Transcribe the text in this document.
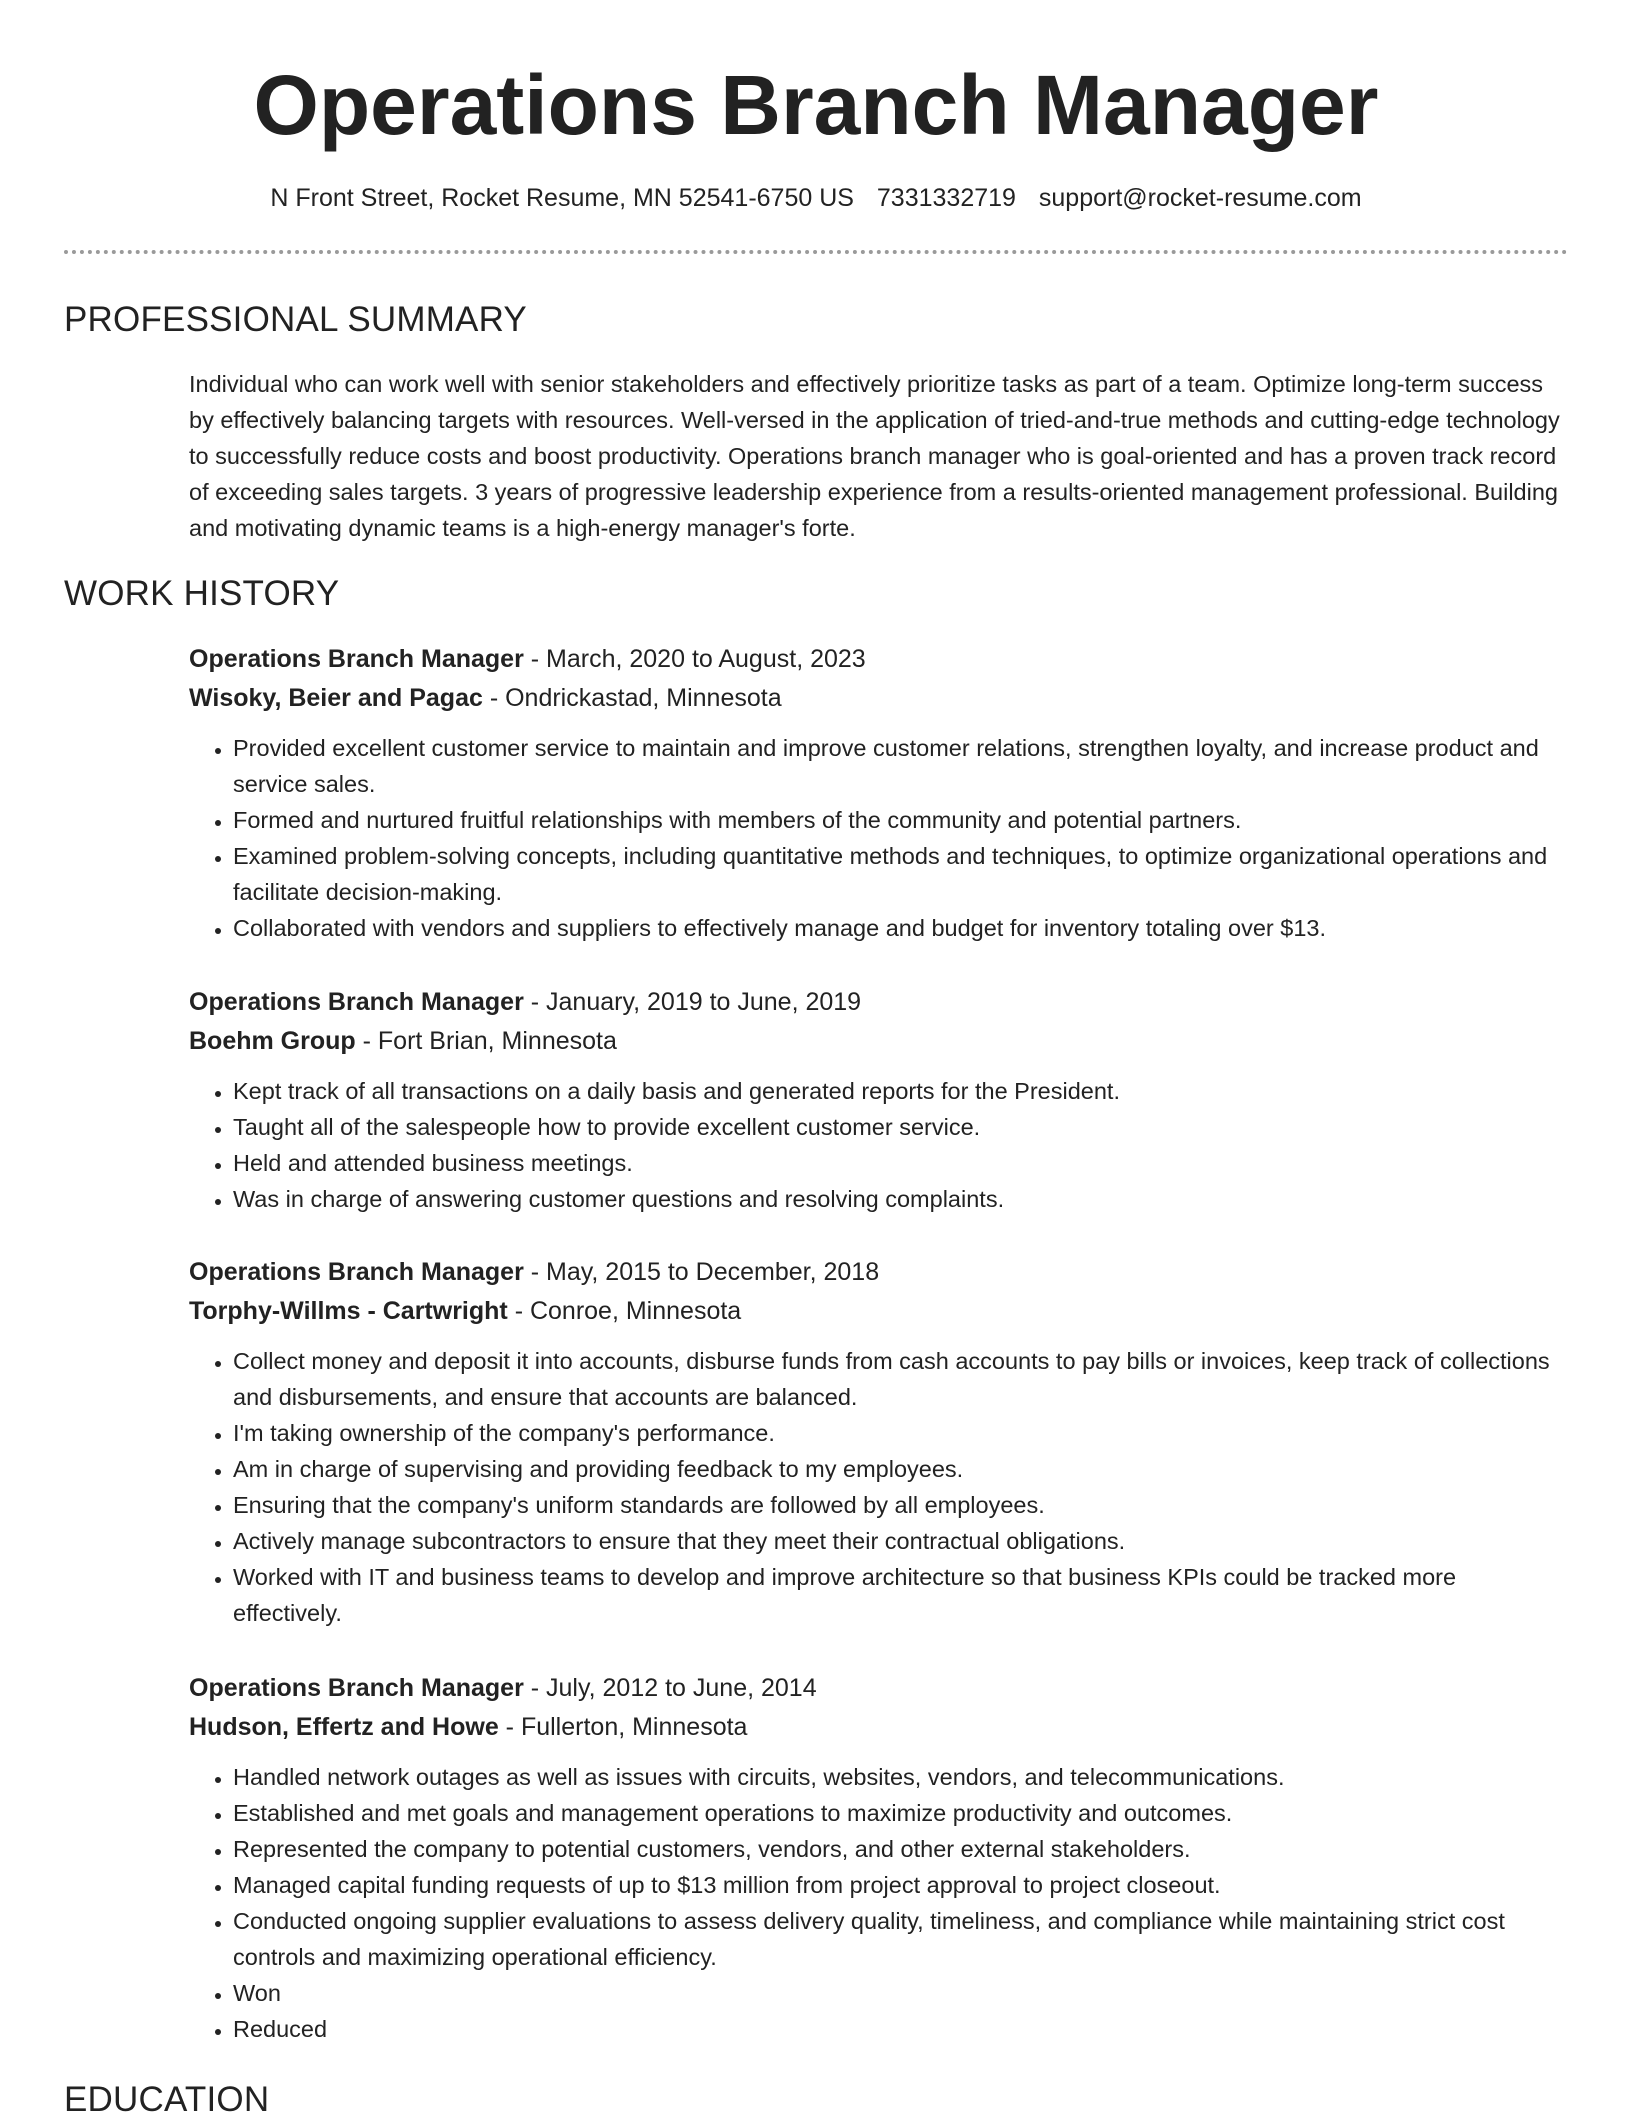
Operations Branch Manager
N Front Street, Rocket Resume, MN 52541-6750 US 7331332719 support@rocket-resume.com
PROFESSIONAL SUMMARY

Individual who can work well with senior stakeholders and effectively prioritize tasks as part of a team. Optimize long-term success by effectively balancing targets with resources. Well-versed in the application of tried-and-true methods and cutting-edge technology to successfully reduce costs and boost productivity. Operations branch manager who is goal-oriented and has a proven track record of exceeding sales targets. 3 years of progressive leadership experience from a results-oriented management professional. Building and motivating dynamic teams is a high-energy manager's forte.

WORK HISTORY
Operations Branch Manager - March, 2020 to August, 2023
Wisoky, Beier and Pagac - Ondrickastad, Minnesota
• Provided excellent customer service to maintain and improve customer relations, strengthen loyalty, and increase product and service sales.
• Formed and nurtured fruitful relationships with members of the community and potential partners.
• Examined problem-solving concepts, including quantitative methods and techniques, to optimize organizational operations and facilitate decision-making.
• Collaborated with vendors and suppliers to effectively manage and budget for inventory totaling over $13.
Operations Branch Manager - January, 2019 to June, 2019
Boehm Group - Fort Brian, Minnesota
• Kept track of all transactions on a daily basis and generated reports for the President.
• Taught all of the salespeople how to provide excellent customer service.
• Held and attended business meetings.
• Was in charge of answering customer questions and resolving complaints.
Operations Branch Manager - May, 2015 to December, 2018
Torphy-Willms - Cartwright - Conroe, Minnesota
• Collect money and deposit it into accounts, disburse funds from cash accounts to pay bills or invoices, keep track of collections and disbursements, and ensure that accounts are balanced.
• I'm taking ownership of the company's performance.
• Am in charge of supervising and providing feedback to my employees.
• Ensuring that the company's uniform standards are followed by all employees.
• Actively manage subcontractors to ensure that they meet their contractual obligations.
• Worked with IT and business teams to develop and improve architecture so that business KPIs could be tracked more effectively.
Operations Branch Manager - July, 2012 to June, 2014
Hudson, Effertz and Howe - Fullerton, Minnesota
• Handled network outages as well as issues with circuits, websites, vendors, and telecommunications.
• Established and met goals and management operations to maximize productivity and outcomes.
• Represented the company to potential customers, vendors, and other external stakeholders.
• Managed capital funding requests of up to $13 million from project approval to project closeout.
• Conducted ongoing supplier evaluations to assess delivery quality, timeliness, and compliance while maintaining strict cost controls and maximizing operational efficiency.
• Won
• Reduced
EDUCATION
